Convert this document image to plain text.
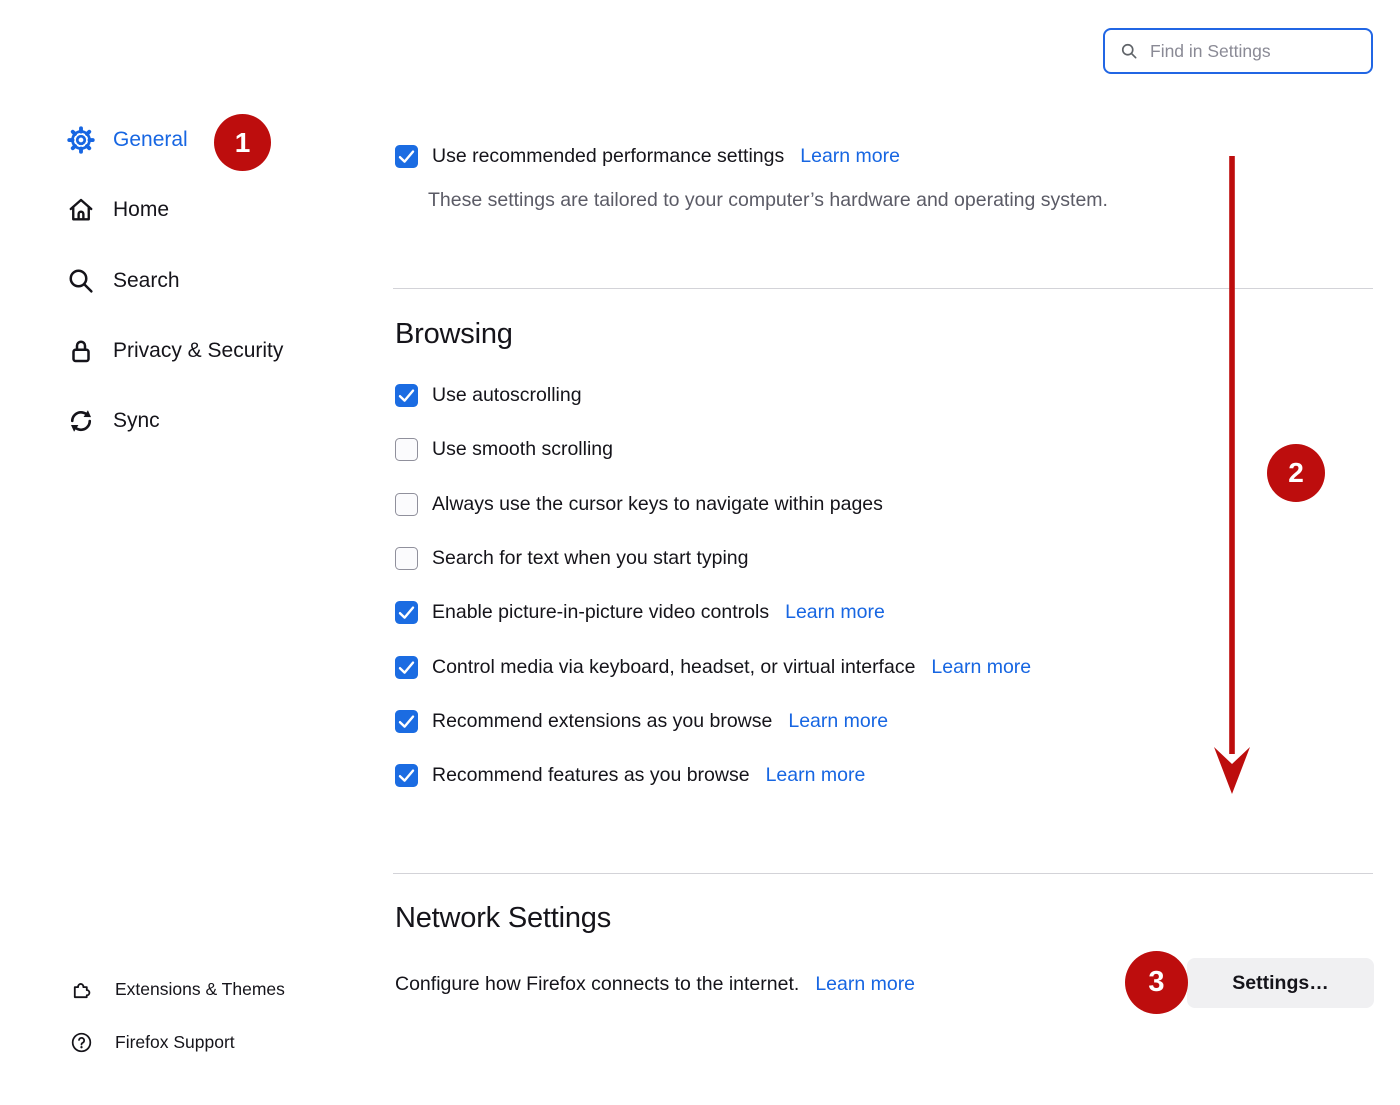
Find in Settings
General
Home
Search
Privacy & Security
Sync
Extensions & Themes
Firefox Support
Use recommended performance settings Learn more
These settings are tailored to your computer’s hardware and operating system.
Browsing
Use autoscrolling
Use smooth scrolling
Always use the cursor keys to navigate within pages
Search for text when you start typing
Enable picture-in-picture video controls Learn more
Control media via keyboard, headset, or virtual interface Learn more
Recommend extensions as you browse Learn more
Recommend features as you browse Learn more
Network Settings
Configure how Firefox connects to the internet. Learn more	Settings…
1
2
3
